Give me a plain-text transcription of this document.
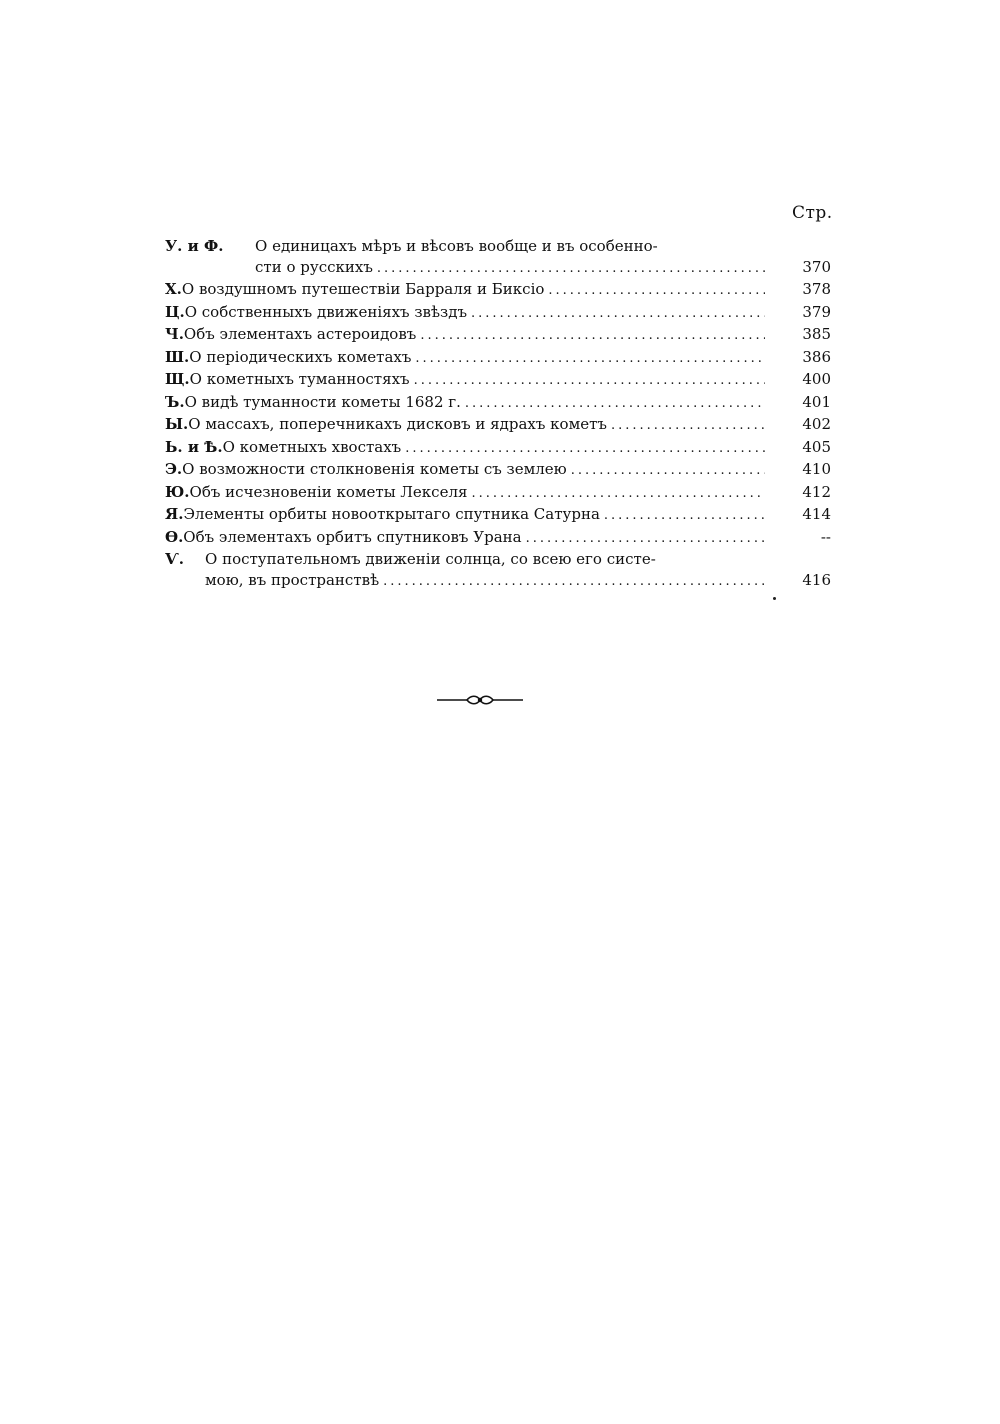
Стр.
У. и Ф.	О единицахъ мѣръ и вѣсовъ вообще и въ особенно-
сти о русскихъ .....	370
Х. О воздушномъ путешествіи Барраля и Биксіо .....	378
Ц. О собственныхъ движеніяхъ звѣздъ .....	379
Ч. Объ элементахъ астероидовъ .....	385
Ш. О періодическихъ кометахъ .....	386
Щ. О кометныхъ туманностяхъ .....	400
Ъ. О видѣ туманности кометы 1682 г. .....	401
Ы. О массахъ, поперечникахъ дисковъ и ядрахъ кометъ .....	402
Ь. и Ѣ. О кометныхъ хвостахъ .....	405
Э. О возможности столкновенія кометы съ землею .....	410
Ю. Объ исчезновеніи кометы Лекселя .....	412
Я. Элементы орбиты новооткрытаго спутника Сатурна .....	414
Ѳ. Объ элементахъ орбитъ спутниковъ Урана .....	--
Ѵ.	О поступательномъ движеніи солнца, со всею его систе-
мою, въ пространствѣ .....	416
